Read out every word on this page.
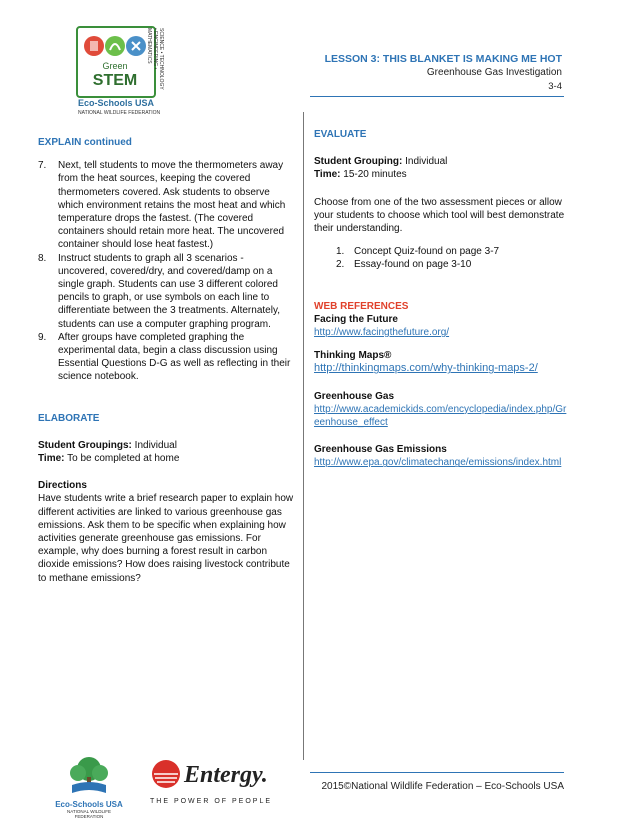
Green
STEM	SCIENCE • TECHNOLOGY • ENGINEERING • MATHEMATICS
Eco-Schools USA
NATIONAL WILDLIFE FEDERATION
LESSON 3: THIS BLANKET IS MAKING ME HOT
Greenhouse Gas Investigation
3-4
EXPLAIN continued
7. Next, tell students to move the thermometers away from the heat sources, keeping the covered thermometers covered. Ask students to observe which environment retains the most heat and which temperature drops the fastest. (The covered containers should retain more heat. The uncovered container should lose heat fastest.)
8. Instruct students to graph all 3 scenarios - uncovered, covered/dry, and covered/damp on a single graph. Students can use 3 different colored pencils to graph, or use symbols on each line to differentiate between the 3 treatments. Alternately, students can use a computer graphing program.
9. After groups have completed graphing the experimental data, begin a class discussion using Essential Questions D-G as well as reflecting in their science notebook.
ELABORATE
Student Groupings: Individual
Time: To be completed at home
Directions
Have students write a brief research paper to explain how different activities are linked to various greenhouse gas emissions. Ask them to be specific when explaining how activities generate greenhouse gas emissions. For example, why does burning a forest result in carbon dioxide emissions? How does raising livestock contribute to methane emissions?
EVALUATE
Student Grouping: Individual
Time: 15-20 minutes
Choose from one of the two assessment pieces or allow your students to choose which tool will best demonstrate their understanding.
1. Concept Quiz-found on page 3-7
2. Essay-found on page 3-10
WEB REFERENCES
Facing the Future
http://www.facingthefuture.org/
Thinking Maps®
http://thinkingmaps.com/why-thinking-maps-2/
Greenhouse Gas
http://www.academickids.com/encyclopedia/index.php/Greenhouse_effect
Greenhouse Gas Emissions
http://www.epa.gov/climatechange/emissions/index.html
Eco-Schools USA
NATIONAL WILDLIFE FEDERATION
Entergy.
THE POWER OF PEOPLE
2015©National Wildlife Federation – Eco-Schools USA
